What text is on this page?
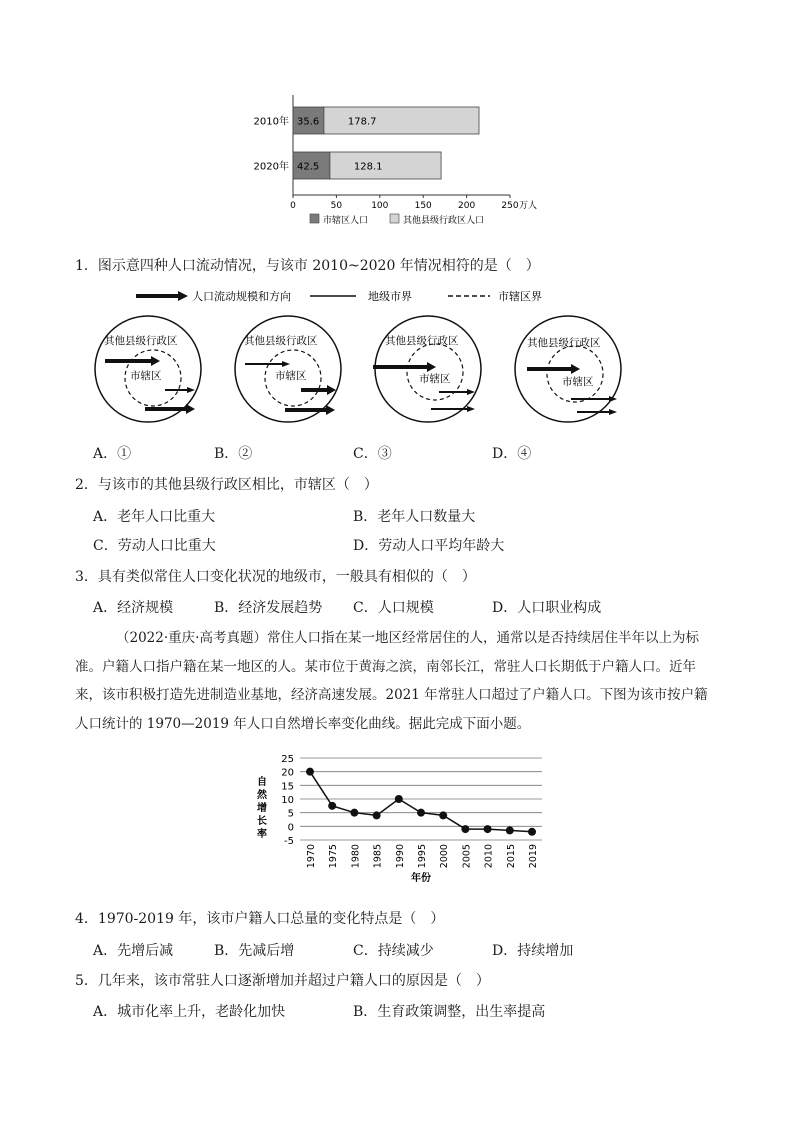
2010年 35.6	178.7
2020年 42.5	128.1
0	50	100	150	200	250 万人
市辖区人口	其他县级行政区人口
1．图示意四种人口流动情况，与该市 2010~2020 年情况相符的是（　）
人口流动规模和方向	地级市界	市辖区界
其他县级行政区
市辖区
其他县级行政区
市辖区
其他县级行政区
市辖区
其他县级行政区
市辖区
A．①	B．②	C．③	D．④
2．与该市的其他县级行政区相比，市辖区（　）
A．老年人口比重大	B．老年人口数量大
C．劳动人口比重大	D．劳动人口平均年龄大
3．具有类似常住人口变化状况的地级市，一般具有相似的（　）
A．经济规模	B．经济发展趋势 C．人口规模	D．人口职业构成
（2022·重庆·高考真题）常住人口指在某一地区经常居住的人，通常以是否持续居住半年以上为标
准。户籍人口指户籍在某一地区的人。某市位于黄海之滨，南邻长江，常驻人口长期低于户籍人口。近年
来，该市积极打造先进制造业基地，经济高速发展。2021 年常驻人口超过了户籍人口。下图为该市按户籍
人口统计的 1970—2019 年人口自然增长率变化曲线。据此完成下面小题。
25
20
15
10
5
0
-5
自
然
增
长
率
1970 1975 1980 1985 1990 1995 2000 2005 2010 2015 2019
年份
4．1970-2019 年，该市户籍人口总量的变化特点是（　）
A．先增后减	B．先减后增	C．持续减少	D．持续增加
5．几年来，该市常驻人口逐渐增加并超过户籍人口的原因是（　）
A．城市化率上升，老龄化加快	B．生育政策调整，出生率提高
